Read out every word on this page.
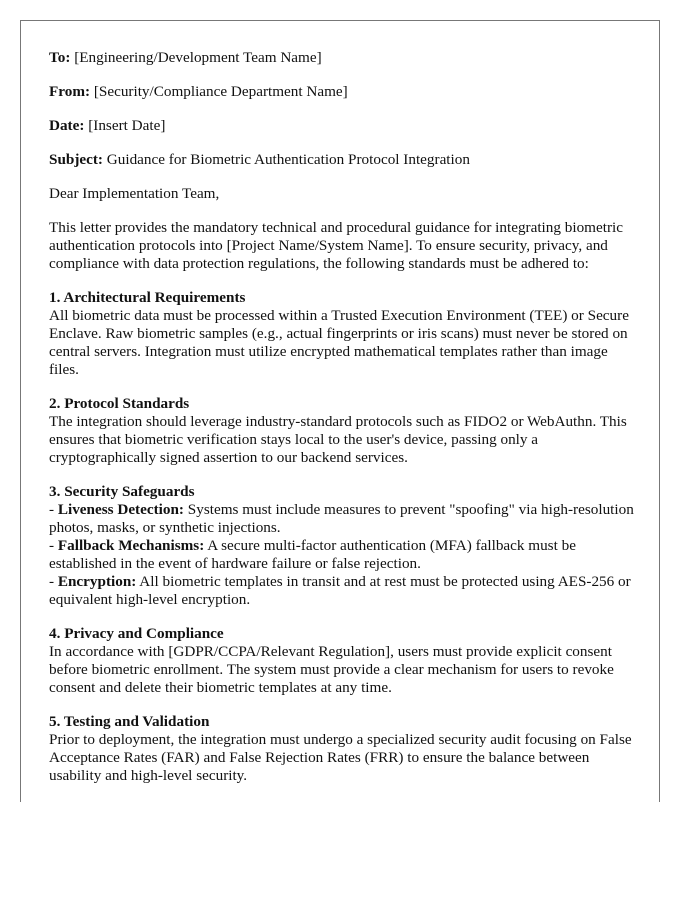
To: [Engineering/Development Team Name]
From: [Security/Compliance Department Name]
Date: [Insert Date]
Subject: Guidance for Biometric Authentication Protocol Integration
Dear Implementation Team,
This letter provides the mandatory technical and procedural guidance for integrating biometric authentication protocols into [Project Name/System Name]. To ensure security, privacy, and compliance with data protection regulations, the following standards must be adhered to:
1. Architectural Requirements
All biometric data must be processed within a Trusted Execution Environment (TEE) or Secure Enclave. Raw biometric samples (e.g., actual fingerprints or iris scans) must never be stored on central servers. Integration must utilize encrypted mathematical templates rather than image files.
2. Protocol Standards
The integration should leverage industry-standard protocols such as FIDO2 or WebAuthn. This ensures that biometric verification stays local to the user's device, passing only a cryptographically signed assertion to our backend services.
3. Security Safeguards
- Liveness Detection: Systems must include measures to prevent "spoofing" via high-resolution photos, masks, or synthetic injections.
- Fallback Mechanisms: A secure multi-factor authentication (MFA) fallback must be established in the event of hardware failure or false rejection.
- Encryption: All biometric templates in transit and at rest must be protected using AES-256 or equivalent high-level encryption.
4. Privacy and Compliance
In accordance with [GDPR/CCPA/Relevant Regulation], users must provide explicit consent before biometric enrollment. The system must provide a clear mechanism for users to revoke consent and delete their biometric templates at any time.
5. Testing and Validation
Prior to deployment, the integration must undergo a specialized security audit focusing on False Acceptance Rates (FAR) and False Rejection Rates (FRR) to ensure the balance between usability and high-level security.
